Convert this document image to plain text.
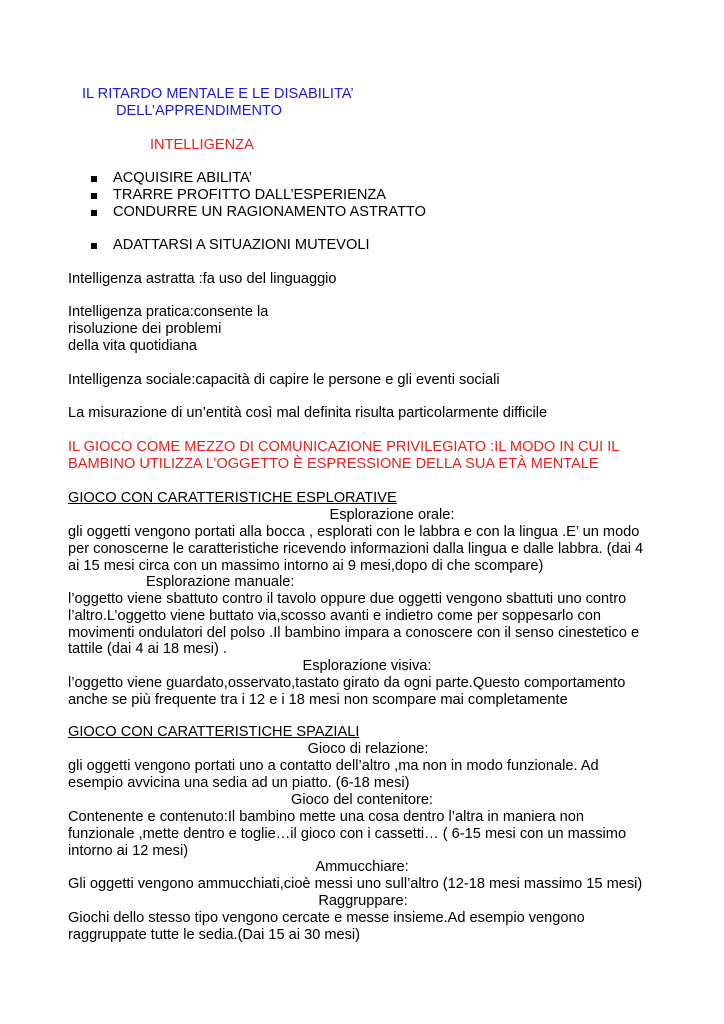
IL RITARDO MENTALE E LE DISABILITA’
DELL’APPRENDIMENTO
INTELLIGENZA
ACQUISIRE ABILITA’
TRARRE PROFITTO DALL’ESPERIENZA
CONDURRE UN RAGIONAMENTO ASTRATTO
ADATTARSI A SITUAZIONI MUTEVOLI
Intelligenza astratta :fa uso del linguaggio
Intelligenza pratica:consente la
risoluzione dei problemi
della vita quotidiana
Intelligenza sociale:capacità di capire le persone e gli eventi sociali
La misurazione di un’entità così mal definita risulta particolarmente difficile
IL GIOCO COME MEZZO DI COMUNICAZIONE PRIVILEGIATO :IL MODO IN CUI IL
BAMBINO UTILIZZA L’OGGETTO È ESPRESSIONE DELLA SUA ETÀ MENTALE
GIOCO CON CARATTERISTICHE ESPLORATIVE
Esplorazione orale:
gli oggetti vengono portati alla bocca , esplorati con le labbra e con la lingua .E’ un modo
per conoscerne le caratteristiche ricevendo informazioni dalla lingua e dalle labbra. (dai 4
ai 15 mesi circa con un massimo intorno ai 9 mesi,dopo di che scompare)
Esplorazione manuale:
l’oggetto viene sbattuto contro il tavolo oppure due oggetti vengono sbattuti uno contro
l’altro.L’oggetto viene buttato via,scosso avanti e indietro come per soppesarlo con
movimenti ondulatori del polso .Il bambino impara a conoscere con il senso cinestetico e
tattile (dai 4 ai 18 mesi) .
Esplorazione visiva:
l’oggetto viene guardato,osservato,tastato girato da ogni parte.Questo comportamento
anche se più frequente tra i 12 e i 18 mesi non scompare mai completamente
GIOCO CON CARATTERISTICHE SPAZIALI
Gioco di relazione:
gli oggetti vengono portati uno a contatto dell’altro ,ma non in modo funzionale. Ad
esempio avvicina una sedia ad un piatto. (6-18 mesi)
Gioco del contenitore:
Contenente e contenuto:Il bambino mette una cosa dentro l’altra in maniera non
funzionale ,mette dentro e toglie…il gioco con i cassetti… ( 6-15 mesi con un massimo
intorno ai 12 mesi)
Ammucchiare:
Gli oggetti vengono ammucchiati,cioè messi uno sull’altro (12-18 mesi massimo 15 mesi)
Raggruppare:
Giochi dello stesso tipo vengono cercate e messe insieme.Ad esempio vengono
raggruppate tutte le sedia.(Dai 15 ai 30 mesi)
